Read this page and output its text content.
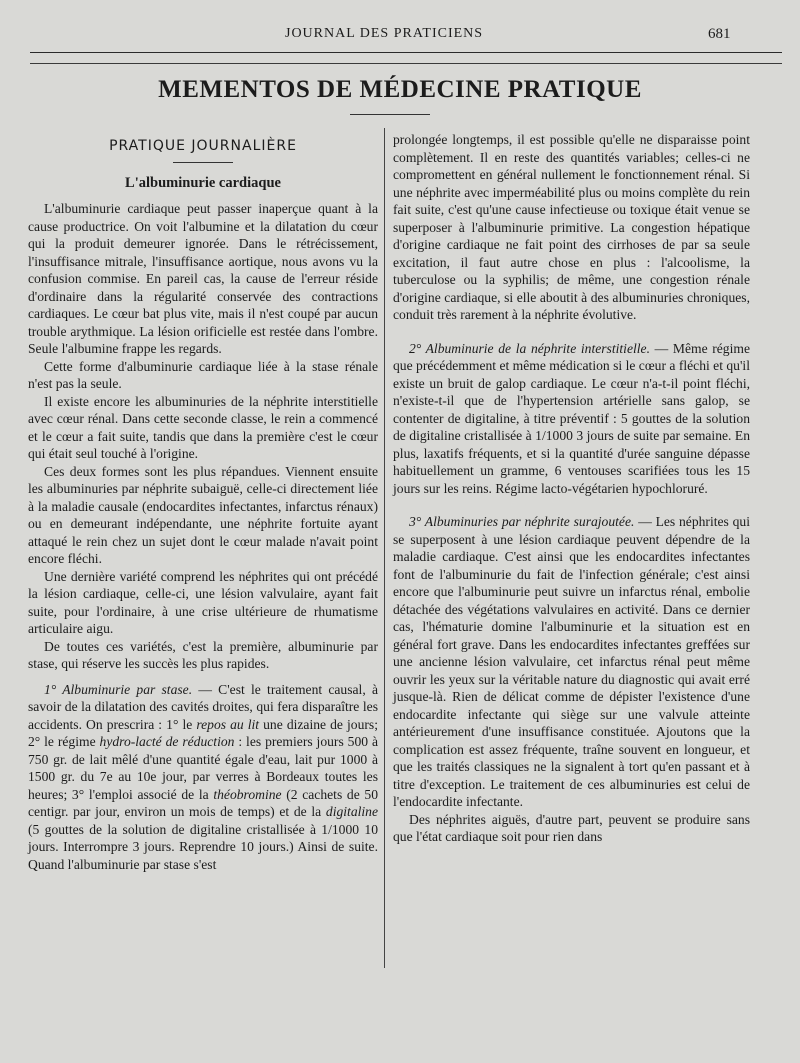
JOURNAL DES PRATICIENS	681
MEMENTOS DE MÉDECINE PRATIQUE
PRATIQUE JOURNALIÈRE
L'albuminurie cardiaque

L'albuminurie cardiaque peut passer inaperçue quant à la cause productrice. On voit l'albumine et la dilatation du cœur qui la produit demeurer ignorée. Dans le rétrécissement, l'insuffisance mitrale, l'insuffisance aortique, nous avons vu la confusion commise. En pareil cas, la cause de l'erreur réside d'ordinaire dans la régularité conservée des contractions cardiaques. Le cœur bat plus vite, mais il n'est coupé par aucun trouble arythmique. La lésion orificielle est restée dans l'ombre. Seule l'albumine frappe les regards.

Cette forme d'albuminurie cardiaque liée à la stase rénale n'est pas la seule.

Il existe encore les albuminuries de la néphrite interstitielle avec cœur rénal. Dans cette seconde classe, le rein a commencé et le cœur a fait suite, tandis que dans la première c'est le cœur qui était seul touché à l'origine.

Ces deux formes sont les plus répandues. Viennent ensuite les albuminuries par néphrite subaiguë, celle-ci directement liée à la maladie causale (endocardites infectantes, infarctus rénaux) ou en demeurant indépendante, une néphrite fortuite ayant attaqué le rein chez un sujet dont le cœur malade n'avait point encore fléchi.

Une dernière variété comprend les néphrites qui ont précédé la lésion cardiaque, celle-ci, une lésion valvulaire, ayant fait suite, pour l'ordinaire, à une crise ultérieure de rhumatisme articulaire aigu.

De toutes ces variétés, c'est la première, albuminurie par stase, qui réserve les succès les plus rapides.

1° Albuminurie par stase. — C'est le traitement causal, à savoir de la dilatation des cavités droites, qui fera disparaître les accidents. On prescrira : 1° le repos au lit une dizaine de jours; 2° le régime hydro-lacté de réduction : les premiers jours 500 à 750 gr. de lait mêlé d'une quantité égale d'eau, lait pur 1000 à 1500 gr. du 7e au 10e jour, par verres à Bordeaux toutes les heures; 3° l'emploi associé de la théobromine (2 cachets de 50 centigr. par jour, environ un mois de temps) et de la digitaline (5 gouttes de la solution de digitaline cristallisée à 1/1000 10 jours. Interrompre 3 jours. Reprendre 10 jours.) Ainsi de suite. Quand l'albuminurie par stase s'est

prolongée longtemps, il est possible qu'elle ne disparaisse point complètement. Il en reste des quantités variables; celles-ci ne compromettent en général nullement le fonctionnement rénal. Si une néphrite avec imperméabilité plus ou moins complète du rein fait suite, c'est qu'une cause infectieuse ou toxique était venue se superposer à l'albuminurie primitive. La congestion hépatique d'origine cardiaque ne fait point des cirrhoses de par sa seule excitation, il faut autre chose en plus : l'alcoolisme, la tuberculose ou la syphilis; de même, une congestion rénale d'origine cardiaque, si elle aboutit à des albuminuries chroniques, conduit très rarement à la néphrite évolutive.

2° Albuminurie de la néphrite interstitielle. — Même régime que précédemment et même médication si le cœur a fléchi et qu'il existe un bruit de galop cardiaque. Le cœur n'a-t-il point fléchi, n'existe-t-il que de l'hypertension artérielle sans galop, se contenter de digitaline, à titre préventif : 5 gouttes de la solution de digitaline cristallisée à 1/1000 3 jours de suite par semaine. En plus, laxatifs fréquents, et si la quantité d'urée sanguine dépasse habituellement un gramme, 6 ventouses scarifiées tous les 15 jours sur les reins. Régime lacto-végétarien hypochloruré.

3° Albuminuries par néphrite surajoutée. — Les néphrites qui se superposent à une lésion cardiaque peuvent dépendre de la maladie cardiaque. C'est ainsi que les endocardites infectantes font de l'albuminurie du fait de l'infection générale; c'est ainsi encore que l'albuminurie peut suivre un infarctus rénal, embolie détachée des végétations valvulaires en activité. Dans ce dernier cas, l'hématurie domine l'albuminurie et la situation est en général fort grave. Dans les endocardites infectantes greffées sur une ancienne lésion valvulaire, cet infarctus rénal peut même ouvrir les yeux sur la véritable nature du diagnostic qui avait erré jusque-là. Rien de délicat comme de dépister l'existence d'une endocardite infectante qui siège sur une valvule atteinte antérieurement d'une insuffisance constituée. Ajoutons que la complication est assez fréquente, traîne souvent en longueur, et que les traités classiques ne la signalent à tort qu'en passant et à titre d'exception. Le traitement de ces albuminuries est celui de l'endocardite infectante.

Des néphrites aiguës, d'autre part, peuvent se produire sans que l'état cardiaque soit pour rien dans
